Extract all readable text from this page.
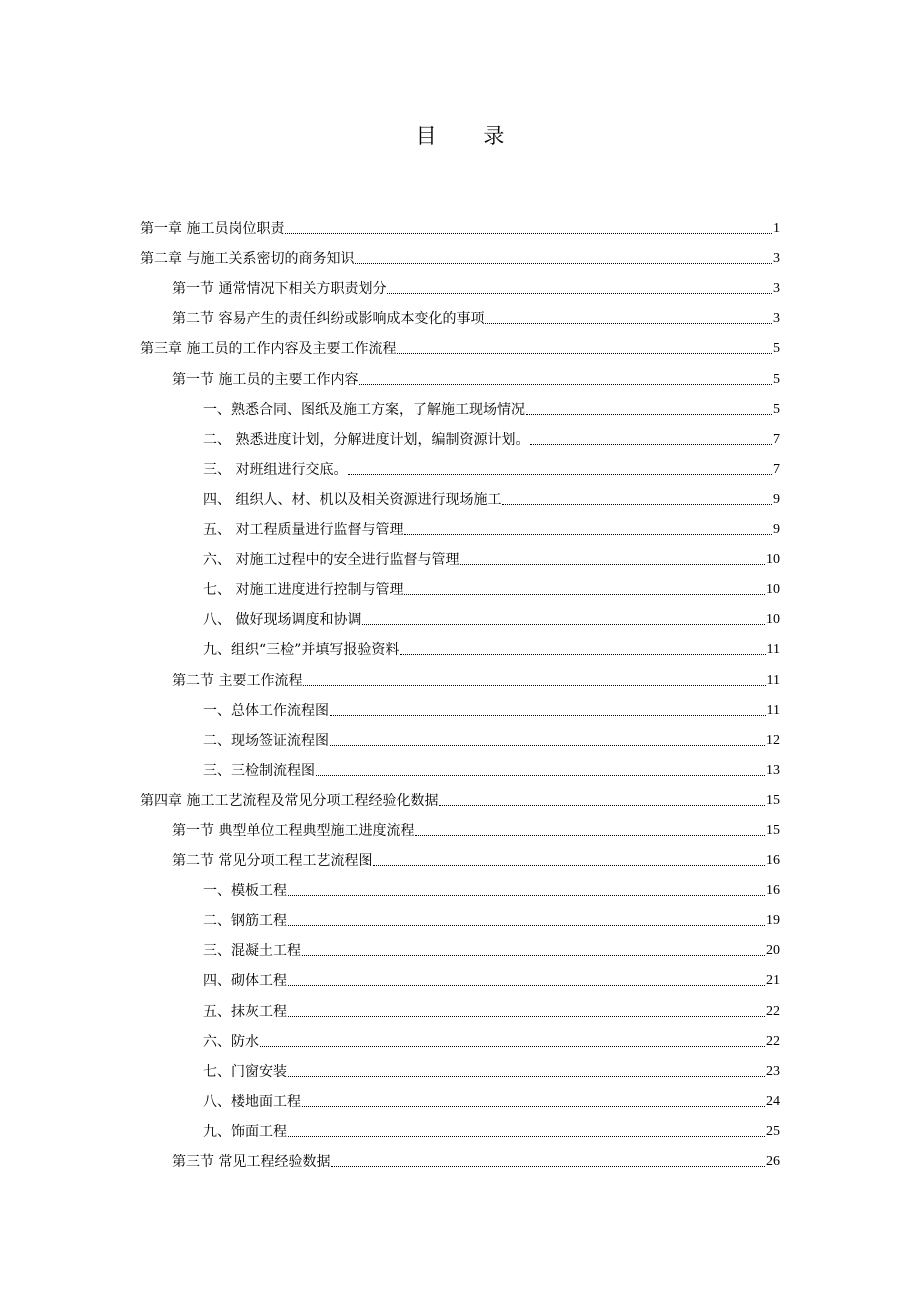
目 录
第一章 施工员岗位职责	1
第二章 与施工关系密切的商务知识	3
第一节 通常情况下相关方职责划分	3
第二节 容易产生的责任纠纷或影响成本变化的事项	3
第三章 施工员的工作内容及主要工作流程	5
第一节 施工员的主要工作内容	5
一、熟悉合同、图纸及施工方案，了解施工现场情况	5
二、 熟悉进度计划，分解进度计划，编制资源计划。	7
三、 对班组进行交底。	7
四、 组织人、材、机以及相关资源进行现场施工	9
五、 对工程质量进行监督与管理	9
六、 对施工过程中的安全进行监督与管理	10
七、 对施工进度进行控制与管理	10
八、 做好现场调度和协调	10
九、组织“三检”并填写报验资料	11
第二节 主要工作流程	11
一、总体工作流程图	11
二、现场签证流程图	12
三、三检制流程图	13
第四章 施工工艺流程及常见分项工程经验化数据	15
第一节 典型单位工程典型施工进度流程	15
第二节 常见分项工程工艺流程图	16
一、模板工程	16
二、钢筋工程	19
三、混凝土工程	20
四、砌体工程	21
五、抹灰工程	22
六、防水	22
七、门窗安装	23
八、楼地面工程	24
九、饰面工程	25
第三节 常见工程经验数据	26
